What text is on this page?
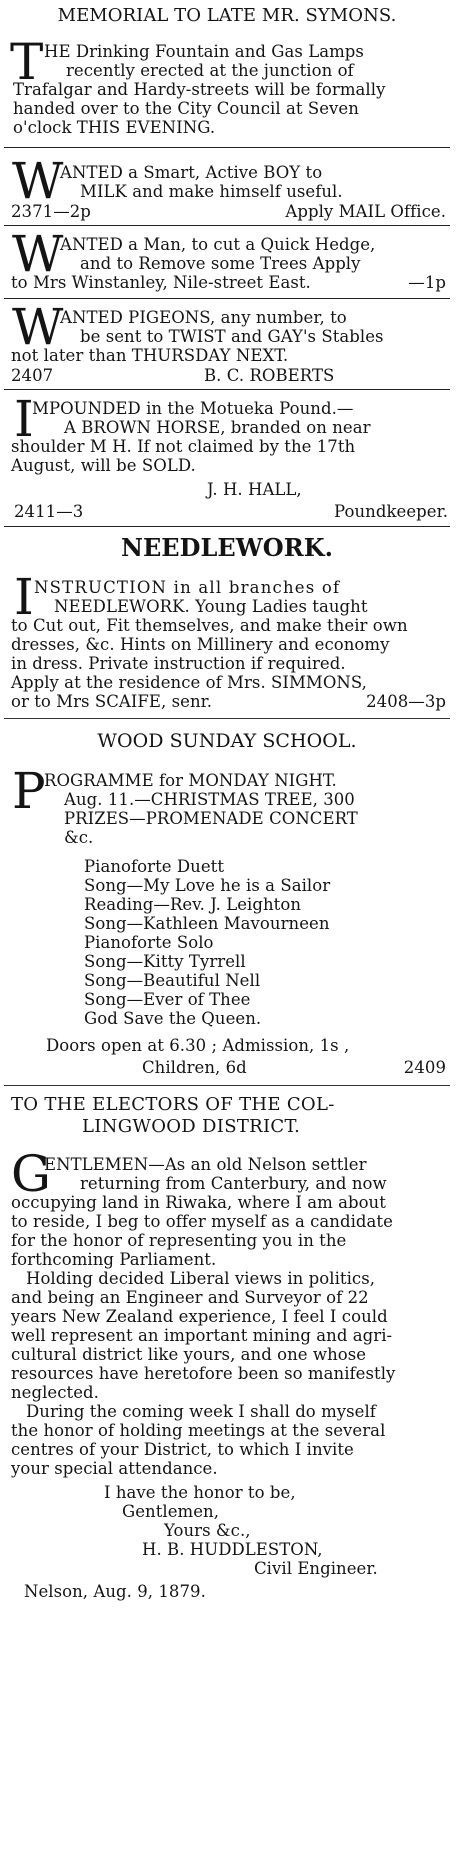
MEMORIAL TO LATE MR. SYMONS.
T HE Drinking Fountain and Gas Lamps
recently erected at the junction of
Trafalgar and Hardy-streets will be formally
handed over to the City Council at Seven
o'clock THIS EVENING.
W
ANTED a Smart, Active BOY to
MILK and make himself useful.
2371—2p	Apply MAIL Office.
W
ANTED a Man, to cut a Quick Hedge,
and to Remove some Trees Apply
to Mrs Winstanley, Nile-street East.	—1p
W
ANTED PIGEONS, any number, to
be sent to TWIST and GAY's Stables
not later than THURSDAY NEXT.
2407	B. C. ROBERTS
I
MPOUNDED in the Motueka Pound.—
A BROWN HORSE, branded on near
shoulder M H. If not claimed by the 17th
August, will be SOLD.
J. H. HALL,
2411—3	Poundkeeper.
NEEDLEWORK.
I NSTRUCTION in all branches of
NEEDLEWORK. Young Ladies taught
to Cut out, Fit themselves, and make their own
dresses, &c. Hints on Millinery and economy
in dress. Private instruction if required.
Apply at the residence of Mrs. SIMMONS,
or to Mrs SCAIFE, senr.	2408—3p
WOOD SUNDAY SCHOOL.
P
ROGRAMME for MONDAY NIGHT.
Aug. 11.—CHRISTMAS TREE, 300
PRIZES—PROMENADE CONCERT
&c.
Pianoforte Duett
Song—My Love he is a Sailor
Reading—Rev. J. Leighton
Song—Kathleen Mavourneen
Pianoforte Solo
Song—Kitty Tyrrell
Song—Beautiful Nell
Song—Ever of Thee
God Save the Queen.
Doors open at 6.30 ; Admission, 1s ,
Children, 6d	2409
TO THE ELECTORS OF THE COL-
LINGWOOD DISTRICT.
G
ENTLEMEN—As an old Nelson settler
returning from Canterbury, and now
occupying land in Riwaka, where I am about
to reside, I beg to offer myself as a candidate
for the honor of representing you in the
forthcoming Parliament.
Holding decided Liberal views in politics,
and being an Engineer and Surveyor of 22
years New Zealand experience, I feel I could
well represent an important mining and agri-
cultural district like yours, and one whose
resources have heretofore been so manifestly
neglected.
During the coming week I shall do myself
the honor of holding meetings at the several
centres of your District, to which I invite
your special attendance.
I have the honor to be,
Gentlemen,
Yours &c.,
H. B. HUDDLESTON,
Civil Engineer.
Nelson, Aug. 9, 1879.
